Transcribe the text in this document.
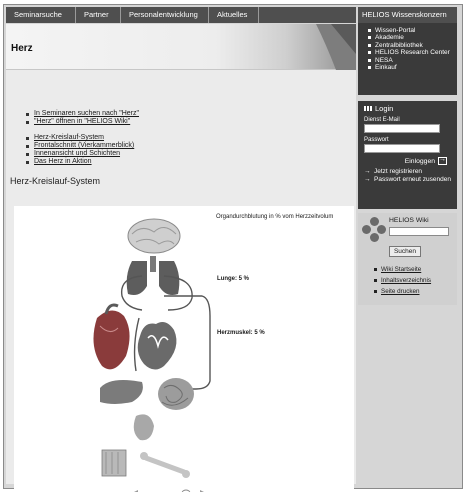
Seminarsuche	Partner	Personalentwicklung	Aktuelles
Herz
In Seminaren suchen nach "Herz"
"Herz" öffnen in "HELIOS Wiki"
Herz-Kreislauf-System
Frontalschnitt (Vierkammerblick)
Innenansicht und Schichten
Das Herz in Aktion
Herz-Kreislauf-System
Organdurchblutung in % vom Herzzeitvolum
Lunge: 5 %
Herzmuskel: 5 %
HELIOS Wissenskonzern
Wissen-Portal
Akademie
Zentralbibliothek
HELIOS Research Center
NESA
Einkauf
Login
Dienst E-Mail
Passwort
Einloggen
→
→ Jetzt registrieren
→ Passwort erneut zusenden
HELIOS Wiki
Suchen
Wiki Startseite
Inhaltsverzeichnis
Seite drucken
